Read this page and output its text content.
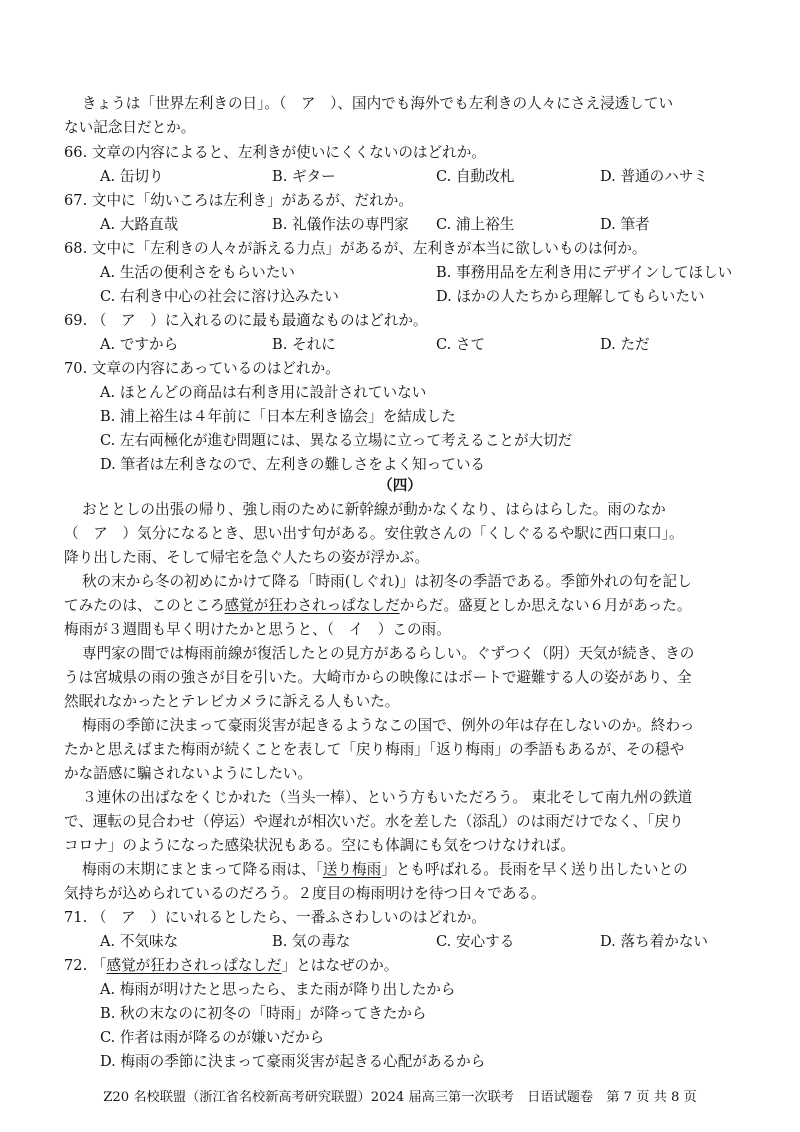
きょうは「世界左利きの日」。（　ア　）、国内でも海外でも左利きの人々にさえ浸透してい
ない記念日だとか。
66. 文章の内容によると、左利きが使いにくくないのはどれか。
A. 缶切り	B. ギター	C. 自動改札	D. 普通のハサミ
67. 文中に「幼いころは左利き」があるが、だれか。
A. 大路直哉	B. 礼儀作法の専門家 C. 浦上裕生	D. 筆者
68. 文中に「左利きの人々が訴える力点」があるが、左利きが本当に欲しいものは何か。
A. 生活の便利さをもらいたい	B. 事務用品を左利き用にデザインしてほしい
C. 右利き中心の社会に溶け込みたい	D. ほかの人たちから理解してもらいたい
69. （　ア　）に入れるのに最も最適なものはどれか。
A. ですから	B. それに	C. さて	D. ただ
70. 文章の内容にあっているのはどれか。
A. ほとんどの商品は右利き用に設計されていない
B. 浦上裕生は４年前に「日本左利き協会」を結成した
C. 左右両極化が進む問題には、異なる立場に立って考えることが大切だ
D. 筆者は左利きなので、左利きの難しさをよく知っている
（四）
おととしの出張の帰り、強し雨のために新幹線が動かなくなり、はらはらした。雨のなか
（　ア　）気分になるとき、思い出す句がある。安住敦さんの「くしぐるるや駅に西口東口」。
降り出した雨、そして帰宅を急ぐ人たちの姿が浮かぶ。
秋の末から冬の初めにかけて降る「時雨(しぐれ)」は初冬の季語である。季節外れの句を記し
てみたのは、このところ感覚が狂わされっぱなしだからだ。盛夏としか思えない６月があった。
梅雨が３週間も早く明けたかと思うと、（　イ　）この雨。
専門家の間では梅雨前線が復活したとの見方があるらしい。ぐずつく（阴）天気が続き、きの
うは宮城県の雨の強さが目を引いた。大崎市からの映像にはボートで避難する人の姿があり、全
然眠れなかったとテレビカメラに訴える人もいた。
梅雨の季節に決まって豪雨災害が起きるようなこの国で、例外の年は存在しないのか。終わっ
たかと思えばまた梅雨が続くことを表して「戻り梅雨」「返り梅雨」の季語もあるが、その穏や
かな語感に騙されないようにしたい。
３連休の出ばなをくじかれた（当头一棒）、という方もいただろう。 東北そして南九州の鉄道
で、運転の見合わせ（停运）や遅れが相次いだ。水を差した（添乱）のは雨だけでなく、「戻り
コロナ」のようになった感染状況もある。空にも体調にも気をつけなければ。
梅雨の末期にまとまって降る雨は、「送り梅雨」とも呼ばれる。長雨を早く送り出したいとの
気持ちが込められているのだろう。２度目の梅雨明けを待つ日々である。
71. （　ア　）にいれるとしたら、一番ふさわしいのはどれか。
A. 不気味な	B. 気の毒な	C. 安心する	D. 落ち着かない
72. 「感覚が狂わされっぱなしだ」とはなぜのか。
A. 梅雨が明けたと思ったら、また雨が降り出したから
B. 秋の末なのに初冬の「時雨」が降ってきたから
C. 作者は雨が降るのが嫌いだから
D. 梅雨の季節に決まって豪雨災害が起きる心配があるから
Z20 名校联盟（浙江省名校新高考研究联盟）2024 届高三第一次联考　日语试题卷　第 7 页 共 8 页
